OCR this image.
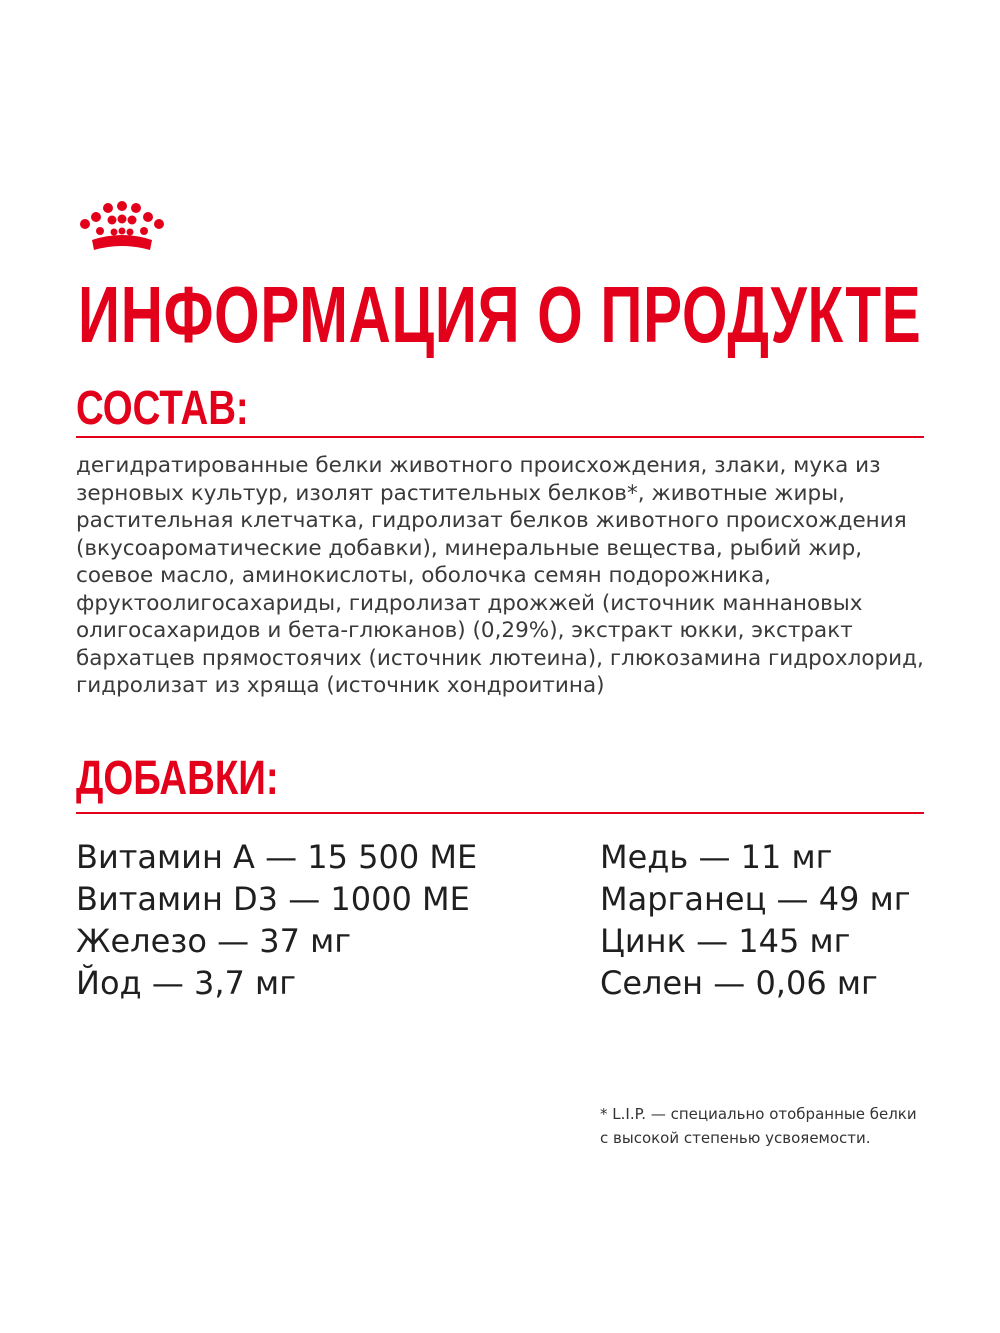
ИНФОРМАЦИЯ О ПРОДУКТЕ
СОСТАВ:

дегидратированные белки животного происхождения, злаки, мука из зерновых культур, изолят растительных белков*, животные жиры, растительная клетчатка, гидролизат белков животного происхождения (вкусоароматические добавки), минеральные вещества, рыбий жир, соевое масло, аминокислоты, оболочка семян подорожника, фруктоолигосахариды, гидролизат дрожжей (источник маннановых олигосахаридов и бета-глюканов) (0,29%), экстракт юкки, экстракт бархатцев прямостоячих (источник лютеина), глюкозамина гидрохлорид, гидролизат из хряща (источник хондроитина)

ДОБАВКИ:
Витамин А — 15 500 МЕ
Витамин D3 — 1000 МЕ
Железо — 37 мг
Йод — 3,7 мг
Медь — 11 мг
Марганец — 49 мг
Цинк — 145 мг
Селен — 0,06 мг
* L.I.P. — специально отобранные белки
с высокой степенью усвояемости.
